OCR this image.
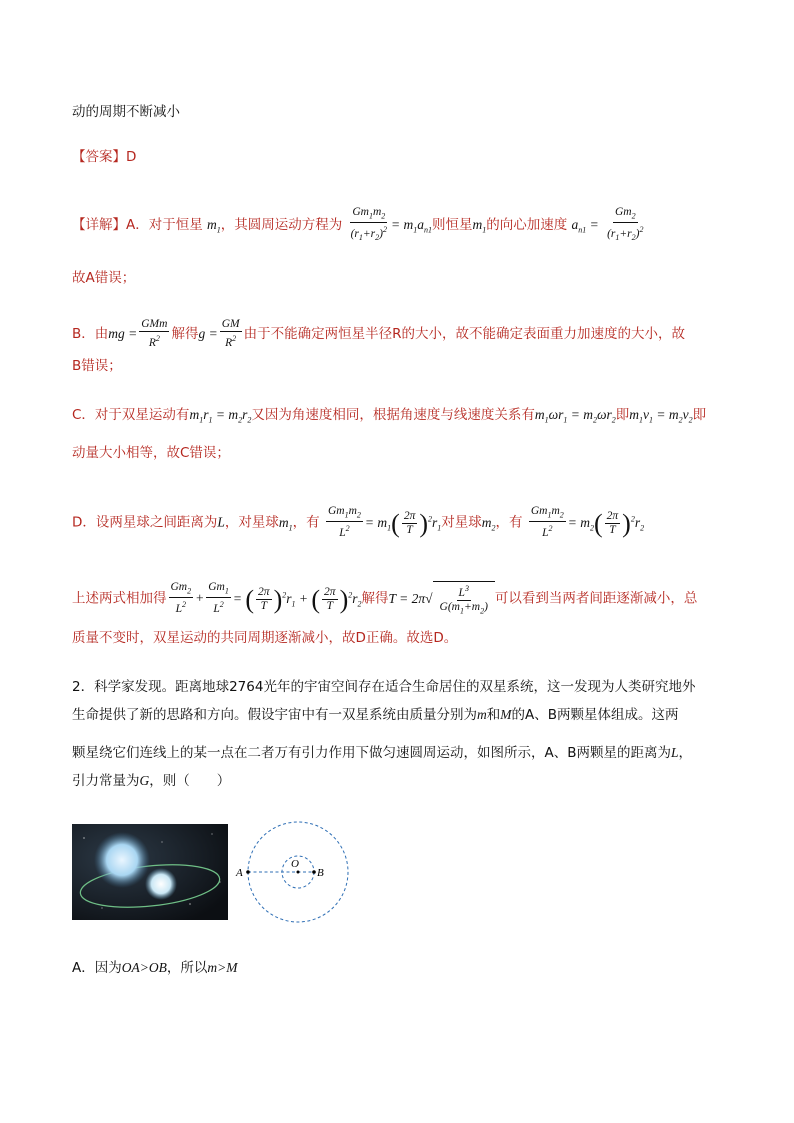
动的周期不断减小
【答案】D
【详解】A．对于恒星 $m_1$，其圆周运动方程为 $\frac{Gm_1m_2}{(r_1+r_2)^2} = m_1a_{n1}$则恒星$m_1$的向心加速度 $a_{n1} = \frac{Gm_2}{(r_1+r_2)^2}$
故A错误；
B．由mg = $\frac{\text{GMm}}{R^2}$ 解得$g = \frac{GM}{R^2}$ 由于不能确定两恒星半径R的大小，故不能确定表面重力加速度的大小，故
B错误；
C．对于双星运动有$m_1r_1 = m_2r_2$又因为角速度相同，根据角速度与线速度关系有$m_1\omega r_1 = m_2\omega r_2$即$m_1v_1 = m_2v_2$即
动量大小相等，故C错误；
D．设两星球之间距离为L，对星球$m_1$，有 $\frac{Gm_1m_2}{L^2} = m_1( \frac{2\pi}{T} )^2r_1$对星球$m_2$，有 $\frac{Gm_1m_2}{L^2} = m_2( \frac{2\pi}{T} )^2r_2$
上述两式相加得 $\frac{Gm_2}{L^2} + \frac{Gm_1}{L^2}$ = ( $\frac{2\pi}{T} )^2r_1$ + ( $\frac{2\pi}{T} )^2r_2$解得$T = 2\pi√ \frac{L^3}{G(m_1+m_2)}$ 可以看到当两者间距逐渐减小，总
质量不变时，双星运动的共同周期逐渐减小，故D正确。故选D。
2．科学家发现。距离地球2764光年的宇宙空间存在适合生命居住的双星系统，这一发现为人类研究地外
生命提供了新的思路和方向。假设宇宙中有一双星系统由质量分别为m和M的A、B两颗星体组成。这两
颗星绕它们连线上的某一点在二者万有引力作用下做匀速圆周运动，如图所示，A、B两颗星的距离为L，
引力常量为G，则（　　）
A
O
B
A．因为OA>OB，所以m>M
